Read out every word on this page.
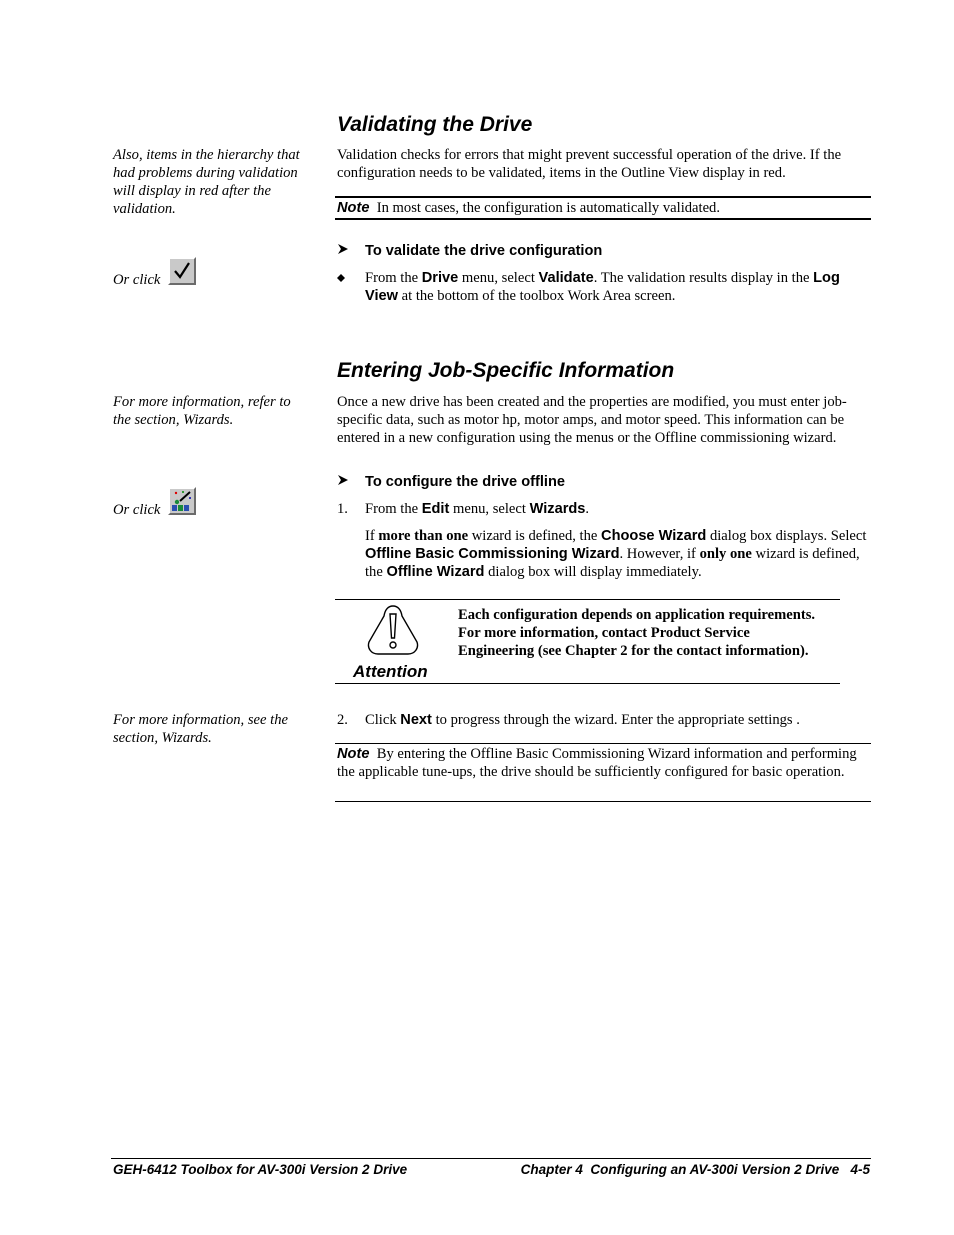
Validating the Drive
Also, items in the hierarchy that had problems during validation will display in red after the validation.
Validation checks for errors that might prevent successful operation of the drive. If the configuration needs to be validated, items in the Outline View display in red.
Note In most cases, the configuration is automatically validated.
To validate the drive configuration
Or click	From the Drive menu, select Validate. The validation results display in the Log View at the bottom of the toolbox Work Area screen.
Entering Job-Specific Information
For more information, refer to the section, Wizards.
Once a new drive has been created and the properties are modified, you must enter job-specific data, such as motor hp, motor amps, and motor speed. This information can be entered in a new configuration using the menus or the Offline commissioning wizard.
To configure the drive offline
Or click	1. From the Edit menu, select Wizards.
If more than one wizard is defined, the Choose Wizard dialog box displays. Select Offline Basic Commissioning Wizard. However, if only one wizard is defined, the Offline Wizard dialog box will display immediately.
Attention
Each configuration depends on application requirements. For more information, contact Product Service Engineering (see Chapter 2 for the contact information).
For more information, see the section, Wizards.
2. Click Next to progress through the wizard. Enter the appropriate settings .
Note By entering the Offline Basic Commissioning Wizard information and performing the applicable tune-ups, the drive should be sufficiently configured for basic operation.
GEH-6412 Toolbox for AV-300i Version 2 Drive	Chapter 4  Configuring an AV-300i Version 2 Drive   4-5
